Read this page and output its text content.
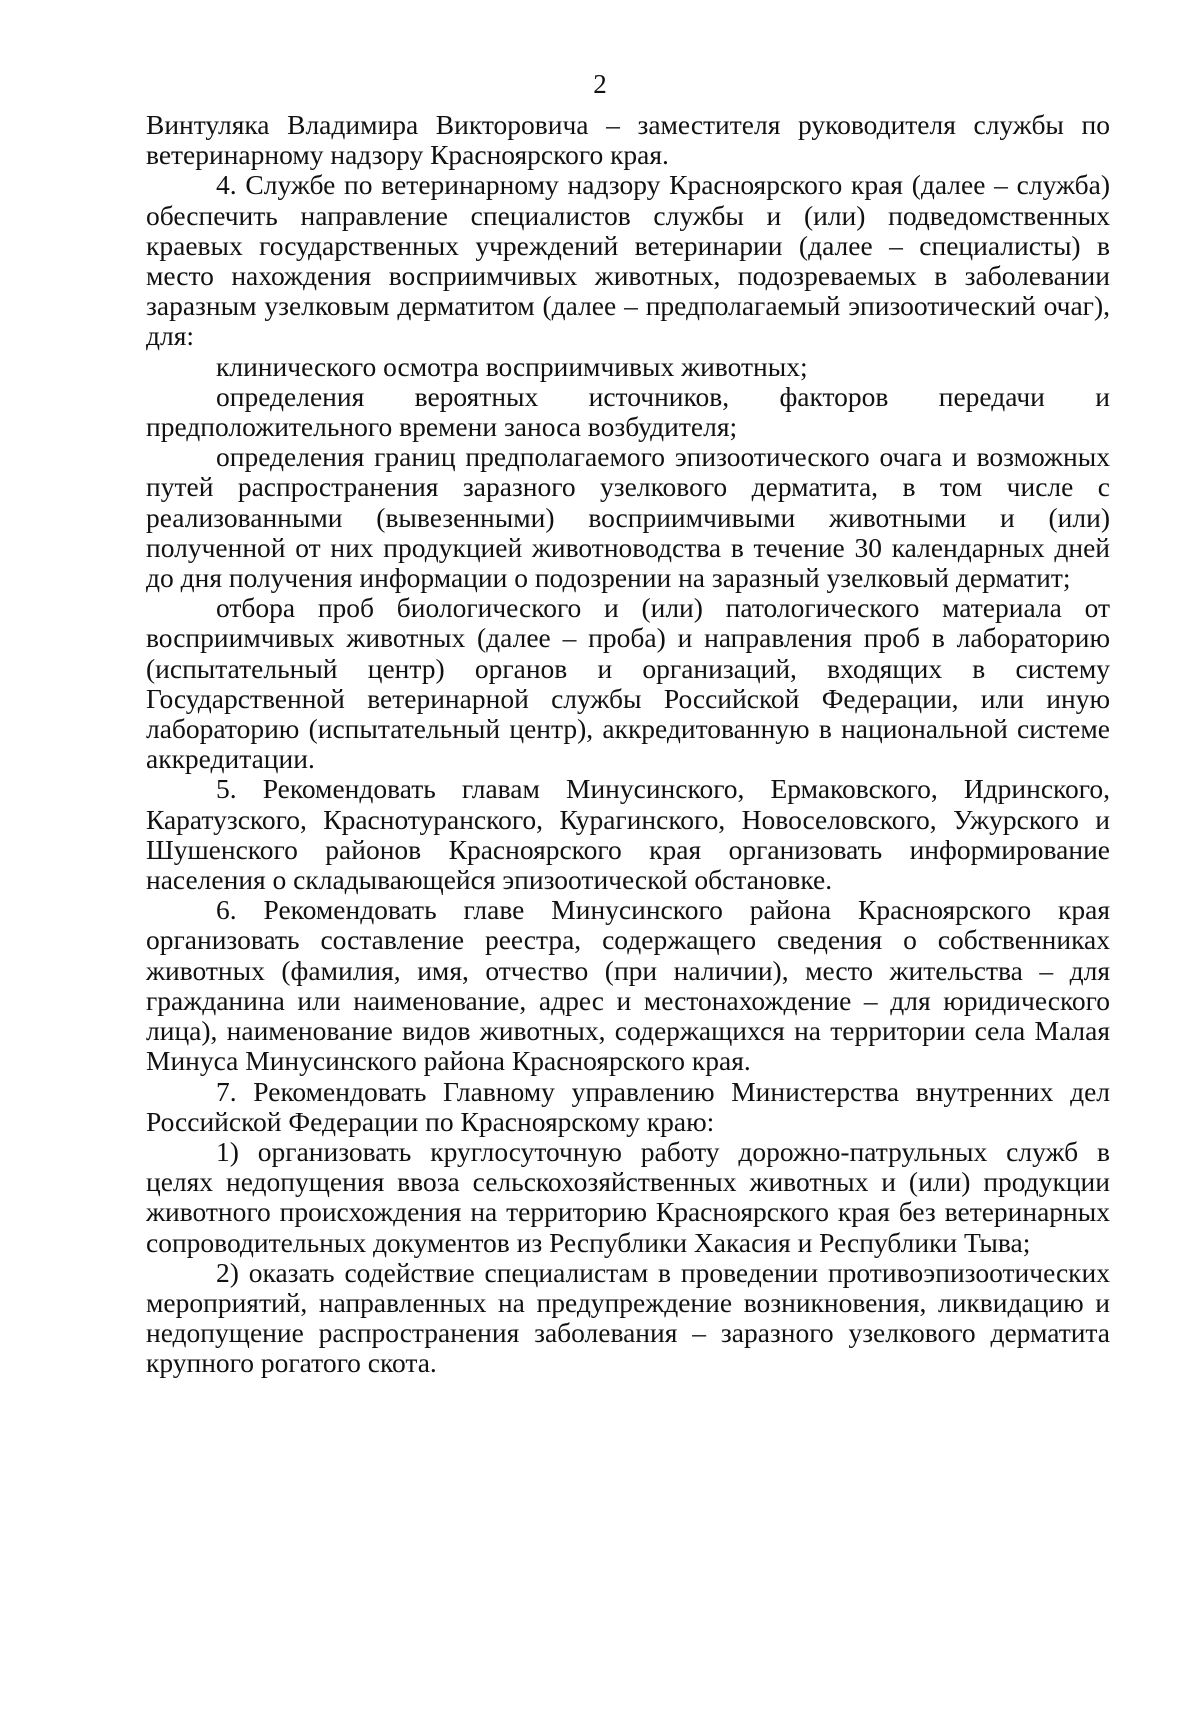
2

Винтуляка Владимира Викторовича – заместителя руководителя службы по ветеринарному надзору Красноярского края.

4. Службе по ветеринарному надзору Красноярского края (далее – служба) обеспечить направление специалистов службы и (или) подведомственных краевых государственных учреждений ветеринарии (далее – специалисты) в место нахождения восприимчивых животных, подозреваемых в заболевании заразным узелковым дерматитом (далее – предполагаемый эпизоотический очаг), для:

клинического осмотра восприимчивых животных;

определения вероятных источников, факторов передачи и предположительного времени заноса возбудителя;

определения границ предполагаемого эпизоотического очага и возможных путей распространения заразного узелкового дерматита, в том числе с реализованными (вывезенными) восприимчивыми животными и (или) полученной от них продукцией животноводства в течение 30 календарных дней до дня получения информации о подозрении на заразный узелковый дерматит;

отбора проб биологического и (или) патологического материала от восприимчивых животных (далее – проба) и направления проб в лабораторию (испытательный центр) органов и организаций, входящих в систему Государственной ветеринарной службы Российской Федерации, или иную лабораторию (испытательный центр), аккредитованную в национальной системе аккредитации.

5. Рекомендовать главам Минусинского, Ермаковского, Идринского, Каратузского, Краснотуранского, Курагинского, Новоселовского, Ужурского и Шушенского районов Красноярского края организовать информирование населения о складывающейся эпизоотической обстановке.

6. Рекомендовать главе Минусинского района Красноярского края организовать составление реестра, содержащего сведения о собственниках животных (фамилия, имя, отчество (при наличии), место жительства – для гражданина или наименование, адрес и местонахождение – для юридического лица), наименование видов животных, содержащихся на территории села Малая Минуса Минусинского района Красноярского края.

7. Рекомендовать Главному управлению Министерства внутренних дел Российской Федерации по Красноярскому краю:

1) организовать круглосуточную работу дорожно-патрульных служб в целях недопущения ввоза сельскохозяйственных животных и (или) продукции животного происхождения на территорию Красноярского края без ветеринарных сопроводительных документов из Республики Хакасия и Республики Тыва;

2) оказать содействие специалистам в проведении противоэпизоотических мероприятий, направленных на предупреждение возникновения, ликвидацию и недопущение распространения заболевания – заразного узелкового дерматита крупного рогатого скота.
